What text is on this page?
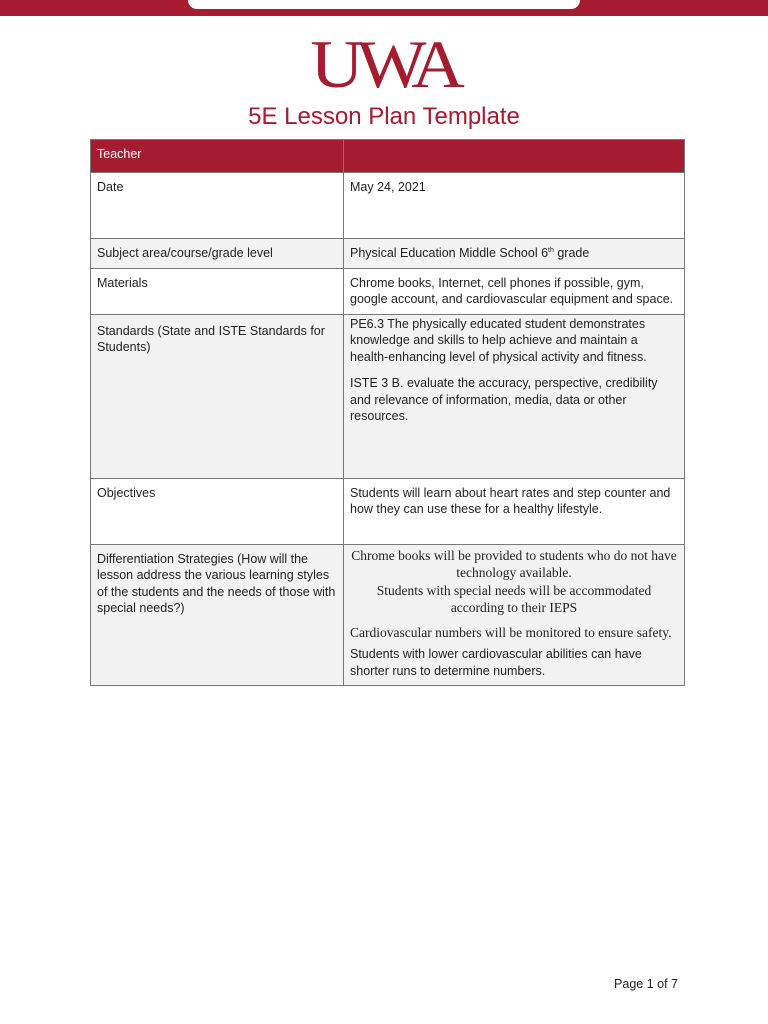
UWA
5E Lesson Plan Template
Teacher	
Date	May 24, 2021

Subject area/course/grade level	Physical Education Middle School 6th grade
Materials	Chrome books, Internet, cell phones if possible, gym, google account, and cardiovascular equipment and space.

Standards (State and ISTE Standards for Students)	PE6.3 The physically educated student demonstrates knowledge and skills to help achieve and maintain a health-enhancing level of physical activity and fitness.

ISTE 3 B. evaluate the accuracy, perspective, credibility and relevance of information, media, data or other resources.

Objectives	Students will learn about heart rates and step counter and how they can use these for a healthy lifestyle.

Differentiation Strategies (How will the lesson address the various learning styles of the students and the needs of those with special needs?)	Chrome books will be provided to students who do not have technology available.

Students with special needs will be accommodated according to their IEPS

Cardiovascular numbers will be monitored to ensure safety.

Students with lower cardiovascular abilities can have shorter runs to determine numbers.

Page 1 of 7
